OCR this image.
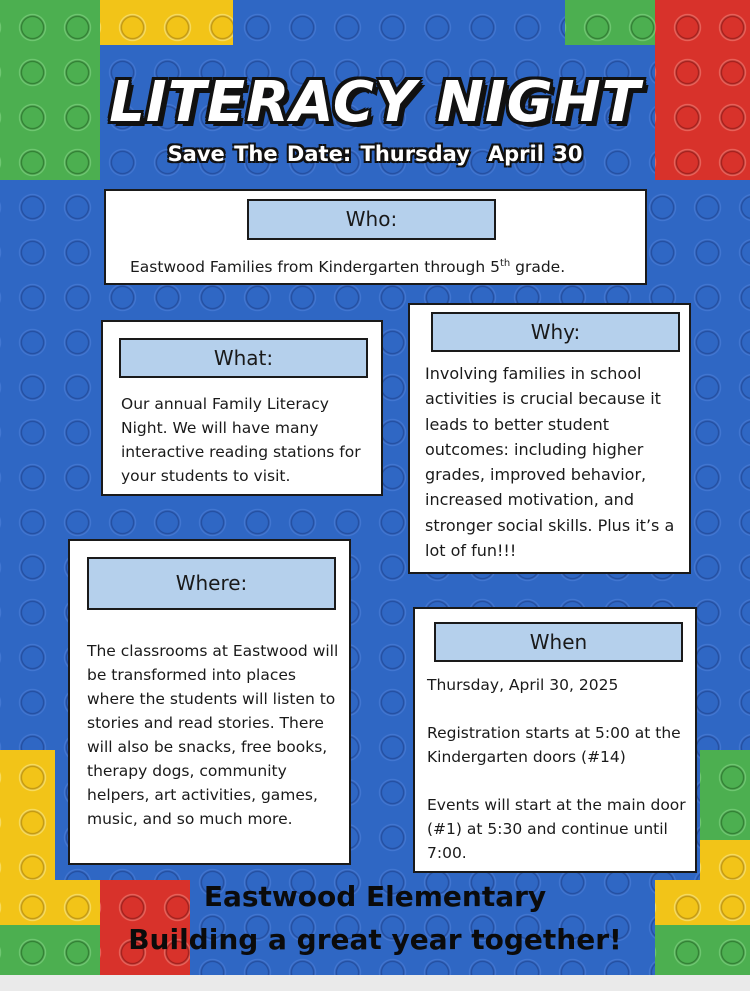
LITERACY NIGHT
Save The Date: Thursday April 30
Who:
Eastwood Families from Kindergarten through 5th grade.
What:
Our annual Family Literacy Night. We will have many interactive reading stations for your students to visit.
Why:
Involving families in school activities is crucial because it leads to better student outcomes: including higher grades, improved behavior, increased motivation, and stronger social skills. Plus it’s a lot of fun!!!
Where:
The classrooms at Eastwood will be transformed into places where the students will listen to stories and read stories. There will also be snacks, free books, therapy dogs, community helpers, art activities, games, music, and so much more.
When

Thursday, April 30, 2025

Registration starts at 5:00 at the Kindergarten doors (#14)

Events will start at the main door (#1) at 5:30 and continue until 7:00.

Eastwood Elementary
Building a great year together!
